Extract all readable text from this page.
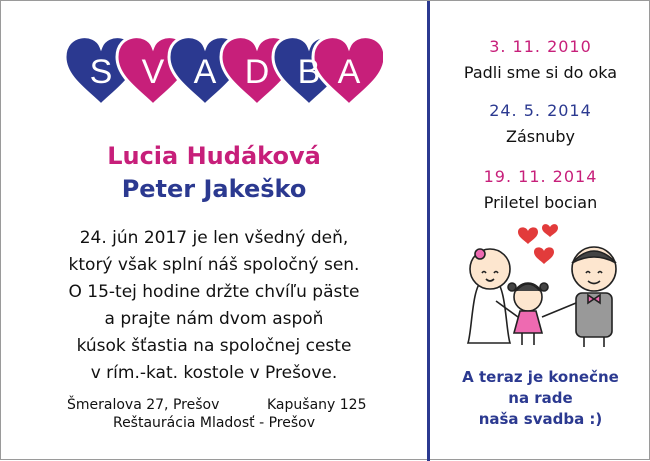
S V A D B A
Lucia Hudáková
Peter Jakeško
24. jún 2017 je len všedný deň,
ktorý však splní náš spoločný sen.
O 15-tej hodine držte chvíľu päste
a prajte nám dvom aspoň
kúsok šťastia na spoločnej ceste
v rím.-kat. kostole v Prešove.
Šmeralova 27, Prešov	Kapušany 125
Reštaurácia Mladosť - Prešov
3. 11. 2010
Padli sme si do oka
24. 5. 2014
Zásnuby
19. 11. 2014
Priletel bocian
A teraz je konečne
na rade
naša svadba :)
